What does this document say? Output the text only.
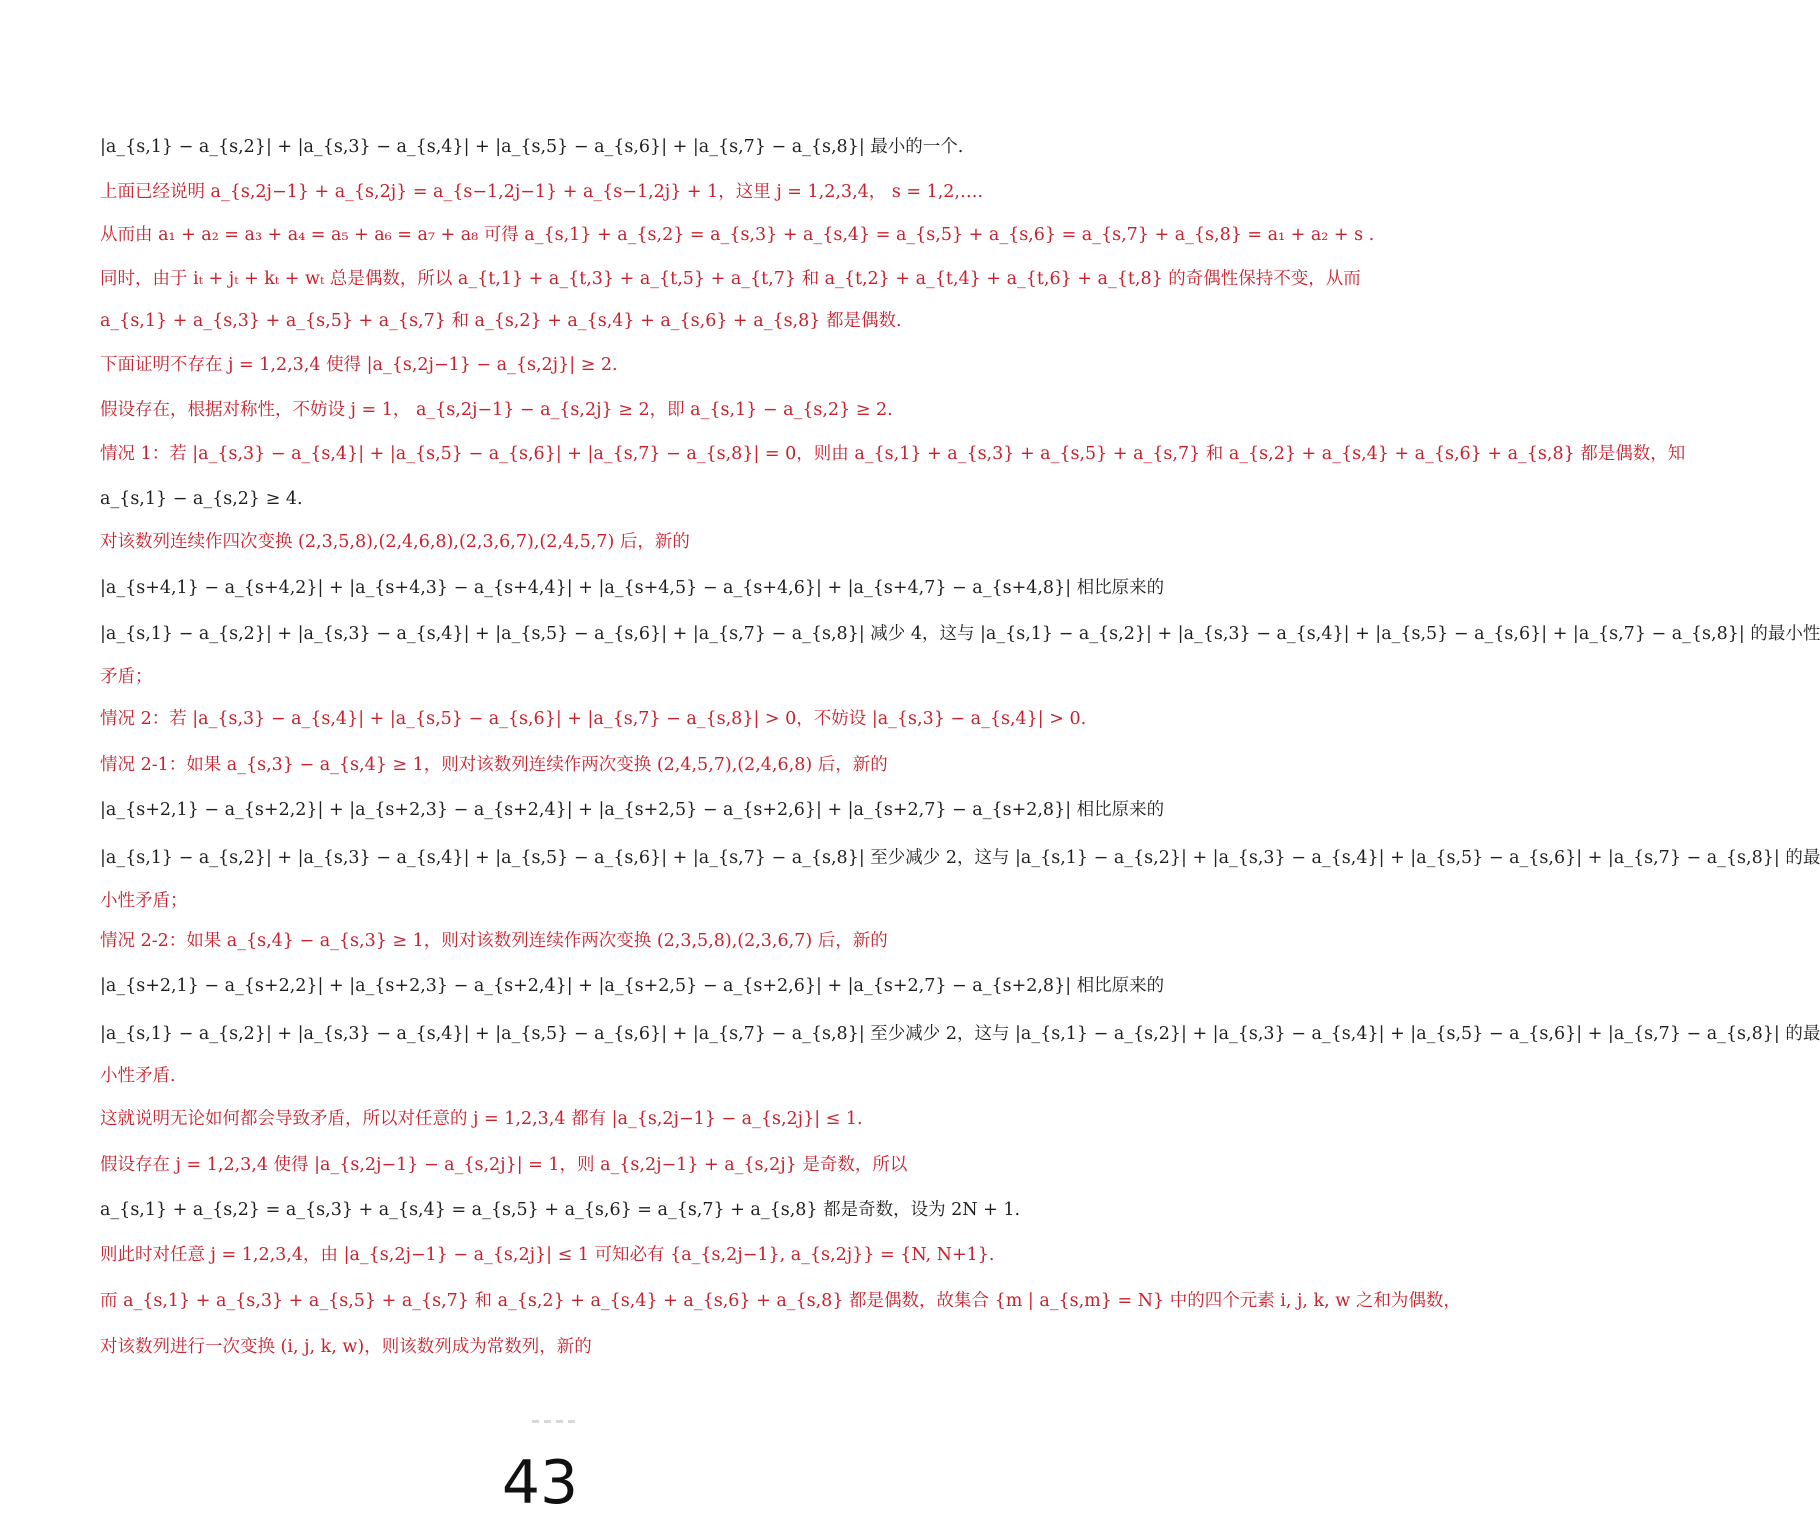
|a_{s,1} − a_{s,2}| + |a_{s,3} − a_{s,4}| + |a_{s,5} − a_{s,6}| + |a_{s,7} − a_{s,8}| 最小的一个.
上面已经说明 a_{s,2j−1} + a_{s,2j} = a_{s−1,2j−1} + a_{s−1,2j} + 1，这里 j = 1,2,3,4， s = 1,2,….
从而由 a₁ + a₂ = a₃ + a₄ = a₅ + a₆ = a₇ + a₈ 可得 a_{s,1} + a_{s,2} = a_{s,3} + a_{s,4} = a_{s,5} + a_{s,6} = a_{s,7} + a_{s,8} = a₁ + a₂ + s .
同时，由于 iₜ + jₜ + kₜ + wₜ 总是偶数，所以 a_{t,1} + a_{t,3} + a_{t,5} + a_{t,7} 和 a_{t,2} + a_{t,4} + a_{t,6} + a_{t,8} 的奇偶性保持不变，从而
a_{s,1} + a_{s,3} + a_{s,5} + a_{s,7} 和 a_{s,2} + a_{s,4} + a_{s,6} + a_{s,8} 都是偶数.
下面证明不存在 j = 1,2,3,4 使得 |a_{s,2j−1} − a_{s,2j}| ≥ 2.
假设存在，根据对称性，不妨设 j = 1， a_{s,2j−1} − a_{s,2j} ≥ 2，即 a_{s,1} − a_{s,2} ≥ 2.
情况 1：若 |a_{s,3} − a_{s,4}| + |a_{s,5} − a_{s,6}| + |a_{s,7} − a_{s,8}| = 0，则由 a_{s,1} + a_{s,3} + a_{s,5} + a_{s,7} 和 a_{s,2} + a_{s,4} + a_{s,6} + a_{s,8} 都是偶数，知
a_{s,1} − a_{s,2} ≥ 4.
对该数列连续作四次变换 (2,3,5,8),(2,4,6,8),(2,3,6,7),(2,4,5,7) 后，新的
|a_{s+4,1} − a_{s+4,2}| + |a_{s+4,3} − a_{s+4,4}| + |a_{s+4,5} − a_{s+4,6}| + |a_{s+4,7} − a_{s+4,8}| 相比原来的
|a_{s,1} − a_{s,2}| + |a_{s,3} − a_{s,4}| + |a_{s,5} − a_{s,6}| + |a_{s,7} − a_{s,8}| 减少 4，这与 |a_{s,1} − a_{s,2}| + |a_{s,3} − a_{s,4}| + |a_{s,5} − a_{s,6}| + |a_{s,7} − a_{s,8}| 的最小性
矛盾；
情况 2：若 |a_{s,3} − a_{s,4}| + |a_{s,5} − a_{s,6}| + |a_{s,7} − a_{s,8}| > 0，不妨设 |a_{s,3} − a_{s,4}| > 0.
情况 2-1：如果 a_{s,3} − a_{s,4} ≥ 1，则对该数列连续作两次变换 (2,4,5,7),(2,4,6,8) 后，新的
|a_{s+2,1} − a_{s+2,2}| + |a_{s+2,3} − a_{s+2,4}| + |a_{s+2,5} − a_{s+2,6}| + |a_{s+2,7} − a_{s+2,8}| 相比原来的
|a_{s,1} − a_{s,2}| + |a_{s,3} − a_{s,4}| + |a_{s,5} − a_{s,6}| + |a_{s,7} − a_{s,8}| 至少减少 2，这与 |a_{s,1} − a_{s,2}| + |a_{s,3} − a_{s,4}| + |a_{s,5} − a_{s,6}| + |a_{s,7} − a_{s,8}| 的最
小性矛盾；
情况 2-2：如果 a_{s,4} − a_{s,3} ≥ 1，则对该数列连续作两次变换 (2,3,5,8),(2,3,6,7) 后，新的
|a_{s+2,1} − a_{s+2,2}| + |a_{s+2,3} − a_{s+2,4}| + |a_{s+2,5} − a_{s+2,6}| + |a_{s+2,7} − a_{s+2,8}| 相比原来的
|a_{s,1} − a_{s,2}| + |a_{s,3} − a_{s,4}| + |a_{s,5} − a_{s,6}| + |a_{s,7} − a_{s,8}| 至少减少 2，这与 |a_{s,1} − a_{s,2}| + |a_{s,3} − a_{s,4}| + |a_{s,5} − a_{s,6}| + |a_{s,7} − a_{s,8}| 的最
小性矛盾.
这就说明无论如何都会导致矛盾，所以对任意的 j = 1,2,3,4 都有 |a_{s,2j−1} − a_{s,2j}| ≤ 1.
假设存在 j = 1,2,3,4 使得 |a_{s,2j−1} − a_{s,2j}| = 1，则 a_{s,2j−1} + a_{s,2j} 是奇数，所以
a_{s,1} + a_{s,2} = a_{s,3} + a_{s,4} = a_{s,5} + a_{s,6} = a_{s,7} + a_{s,8} 都是奇数，设为 2N + 1.
则此时对任意 j = 1,2,3,4，由 |a_{s,2j−1} − a_{s,2j}| ≤ 1 可知必有 {a_{s,2j−1}, a_{s,2j}} = {N, N+1}.
而 a_{s,1} + a_{s,3} + a_{s,5} + a_{s,7} 和 a_{s,2} + a_{s,4} + a_{s,6} + a_{s,8} 都是偶数，故集合 {m | a_{s,m} = N} 中的四个元素 i, j, k, w 之和为偶数，
对该数列进行一次变换 (i, j, k, w)，则该数列成为常数列，新的
43
